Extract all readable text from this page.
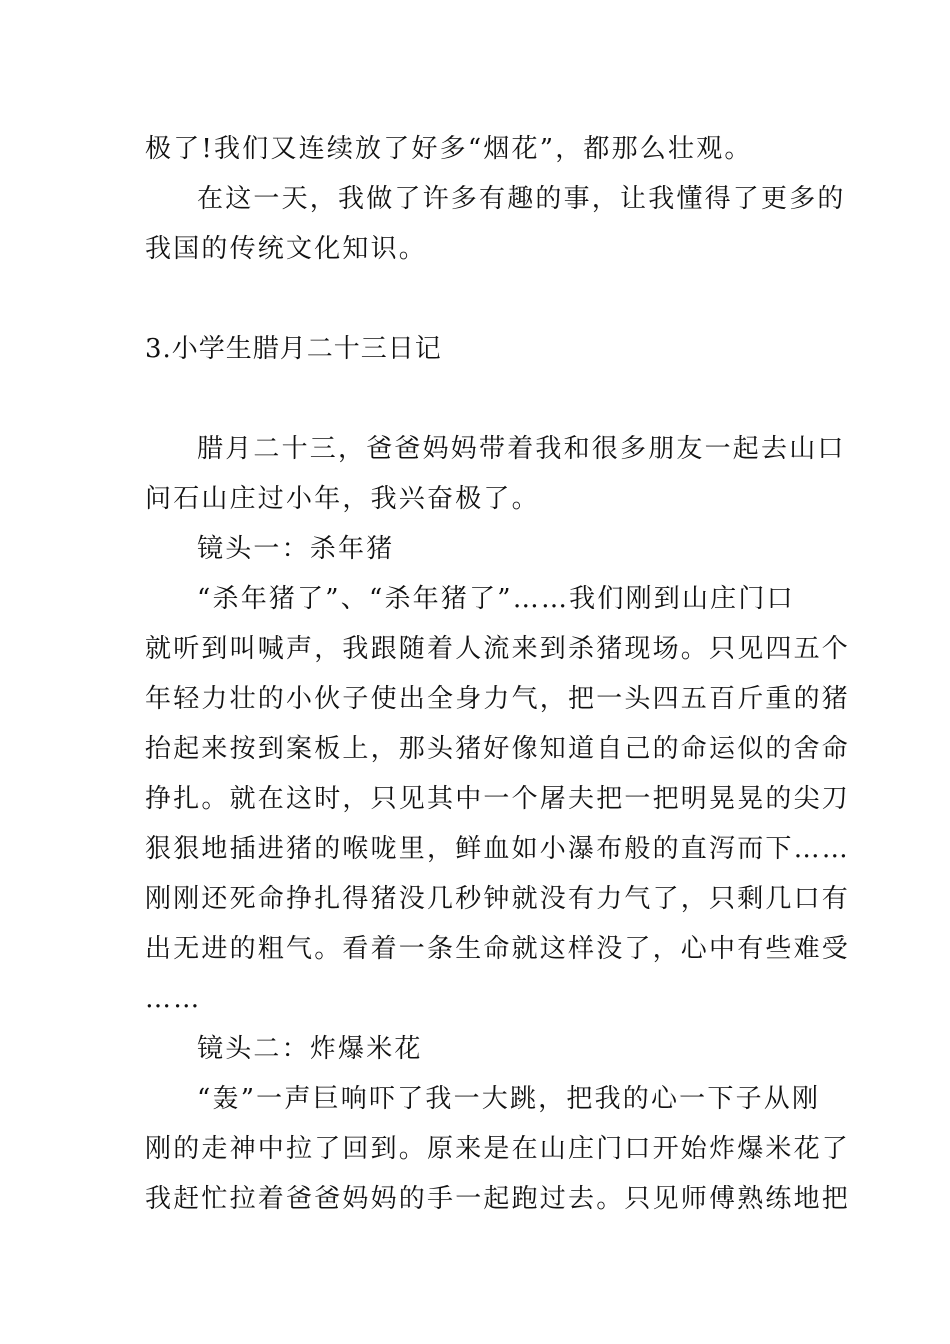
极了!我们又连续放了好多“烟花”，都那么壮观。
在这一天，我做了许多有趣的事，让我懂得了更多的
我国的传统文化知识。
3.小学生腊月二十三日记
腊月二十三，爸爸妈妈带着我和很多朋友一起去山口
问石山庄过小年，我兴奋极了。
镜头一：杀年猪
“杀年猪了”、“杀年猪了”……我们刚到山庄门口
就听到叫喊声，我跟随着人流来到杀猪现场。只见四五个
年轻力壮的小伙子使出全身力气，把一头四五百斤重的猪
抬起来按到案板上，那头猪好像知道自己的命运似的舍命
挣扎。就在这时，只见其中一个屠夫把一把明晃晃的尖刀
狠狠地插进猪的喉咙里，鲜血如小瀑布般的直泻而下……
刚刚还死命挣扎得猪没几秒钟就没有力气了，只剩几口有
出无进的粗气。看着一条生命就这样没了，心中有些难受
……
镜头二：炸爆米花
“轰”一声巨响吓了我一大跳，把我的心一下子从刚
刚的走神中拉了回到。原来是在山庄门口开始炸爆米花了
我赶忙拉着爸爸妈妈的手一起跑过去。只见师傅熟练地把
